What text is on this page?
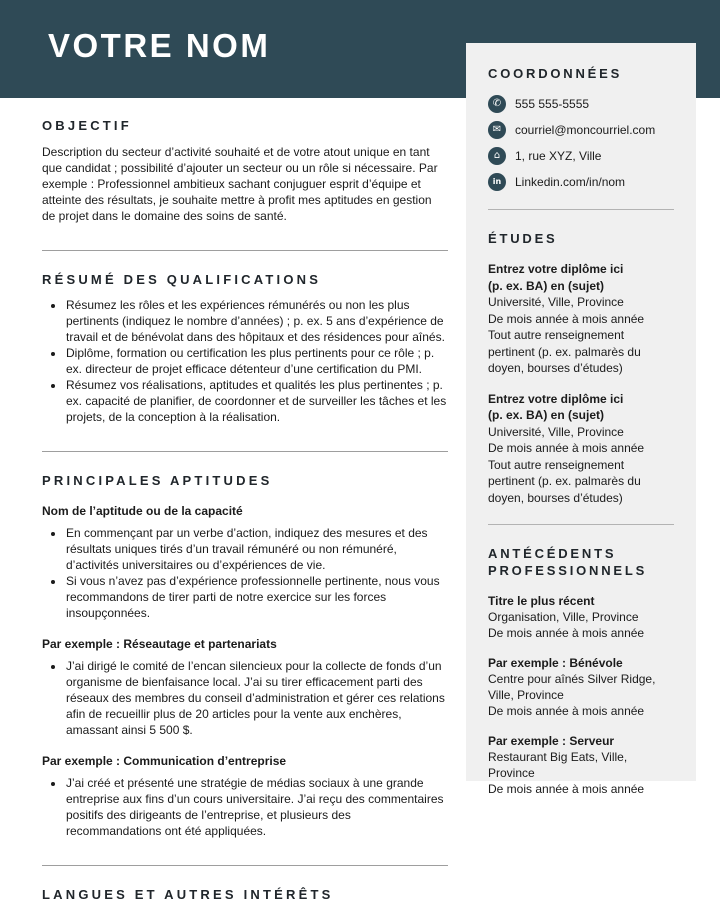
VOTRE NOM
OBJECTIF

Description du secteur d’activité souhaité et de votre atout unique en tant que candidat ; possibilité d’ajouter un secteur ou un rôle si nécessaire. Par exemple : Professionnel ambitieux sachant conjuguer esprit d’équipe et atteinte des résultats, je souhaite mettre à profit mes aptitudes en gestion de projet dans le domaine des soins de santé.

RÉSUMÉ DES QUALIFICATIONS
• Résumez les rôles et les expériences rémunérés ou non les plus pertinents (indiquez le nombre d’années) ; p. ex. 5 ans d’expérience de travail et de bénévolat dans des hôpitaux et des résidences pour aînés.
• Diplôme, formation ou certification les plus pertinents pour ce rôle ; p. ex. directeur de projet efficace détenteur d’une certification du PMI.
• Résumez vos réalisations, aptitudes et qualités les plus pertinentes ; p. ex. capacité de planifier, de coordonner et de surveiller les tâches et les projets, de la conception à la réalisation.
PRINCIPALES APTITUDES
Nom de l’aptitude ou de la capacité
• En commençant par un verbe d’action, indiquez des mesures et des résultats uniques tirés d’un travail rémunéré ou non rémunéré, d’activités universitaires ou d’expériences de vie.
• Si vous n’avez pas d’expérience professionnelle pertinente, nous vous recommandons de tirer parti de notre exercice sur les forces insoupçonnées.
Par exemple : Réseautage et partenariats
• J’ai dirigé le comité de l’encan silencieux pour la collecte de fonds d’un organisme de bienfaisance local. J’ai su tirer efficacement parti des réseaux des membres du conseil d’administration et gérer ces relations afin de recueillir plus de 20 articles pour la vente aux enchères, amassant ainsi 5 500 $.
Par exemple : Communication d’entreprise
• J’ai créé et présenté une stratégie de médias sociaux à une grande entreprise aux fins d’un cours universitaire. J’ai reçu des commentaires positifs des dirigeants de l’entreprise, et plusieurs des recommandations ont été appliquées.
LANGUES ET AUTRES INTÉRÊTS
COORDONNÉES
✆	555 555-5555
✉	courriel@moncourriel.com
⌂	1, rue XYZ, Ville
in	Linkedin.com/in/nom
ÉTUDES
Entrez votre diplôme ici
(p. ex. BA) en (sujet)
Université, Ville, Province
De mois année à mois année
Tout autre renseignement pertinent (p. ex. palmarès du doyen, bourses d’études)
Entrez votre diplôme ici
(p. ex. BA) en (sujet)
Université, Ville, Province
De mois année à mois année
Tout autre renseignement pertinent (p. ex. palmarès du doyen, bourses d’études)
ANTÉCÉDENTS PROFESSIONNELS
Titre le plus récent
Organisation, Ville, Province
De mois année à mois année
Par exemple : Bénévole
Centre pour aînés Silver Ridge, Ville, Province
De mois année à mois année
Par exemple : Serveur
Restaurant Big Eats, Ville, Province
De mois année à mois année
